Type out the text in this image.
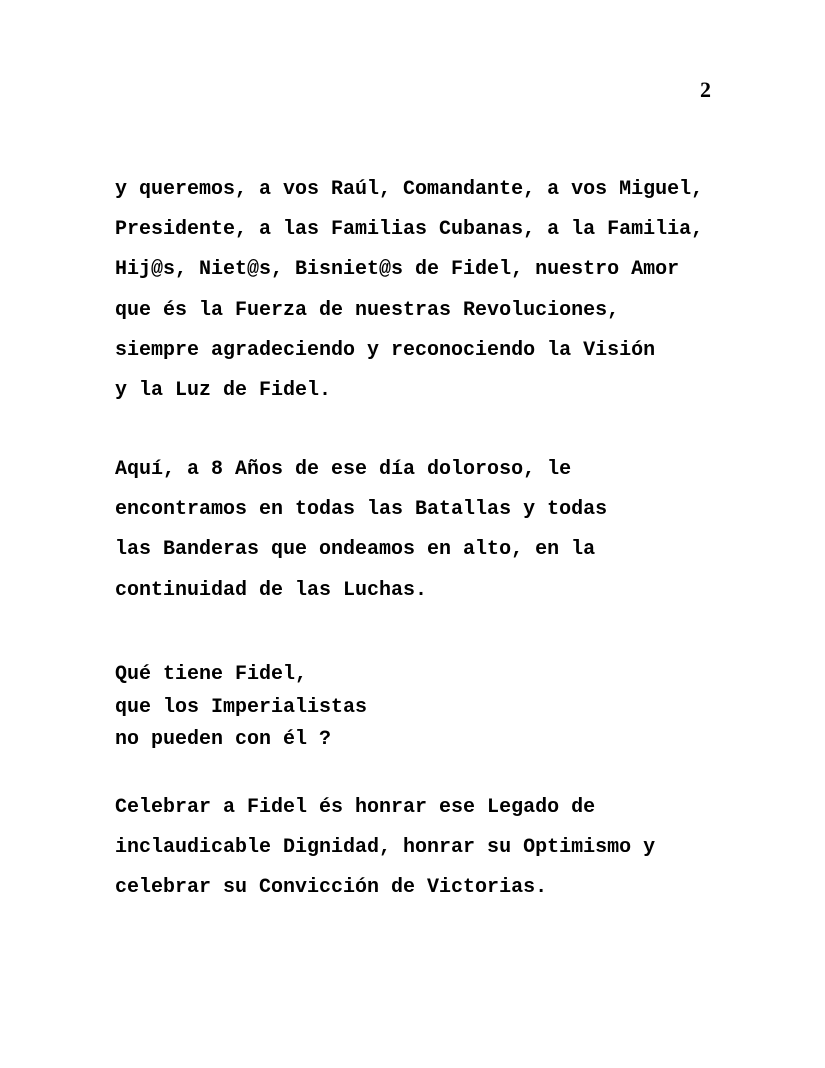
2
y queremos, a vos Raúl, Comandante, a vos Miguel,
Presidente, a las Familias Cubanas, a la Familia,
Hij@s, Niet@s, Bisniet@s de Fidel, nuestro Amor
que és la Fuerza de nuestras Revoluciones,
siempre agradeciendo y reconociendo la Visión
y la Luz de Fidel.
Aquí, a 8 Años de ese día doloroso, le
encontramos en todas las Batallas y todas
las Banderas que ondeamos en alto, en la
continuidad de las Luchas.
Qué tiene Fidel,
que los Imperialistas
no pueden con él ?
Celebrar a Fidel és honrar ese Legado de
inclaudicable Dignidad, honrar su Optimismo y
celebrar su Convicción de Victorias.
